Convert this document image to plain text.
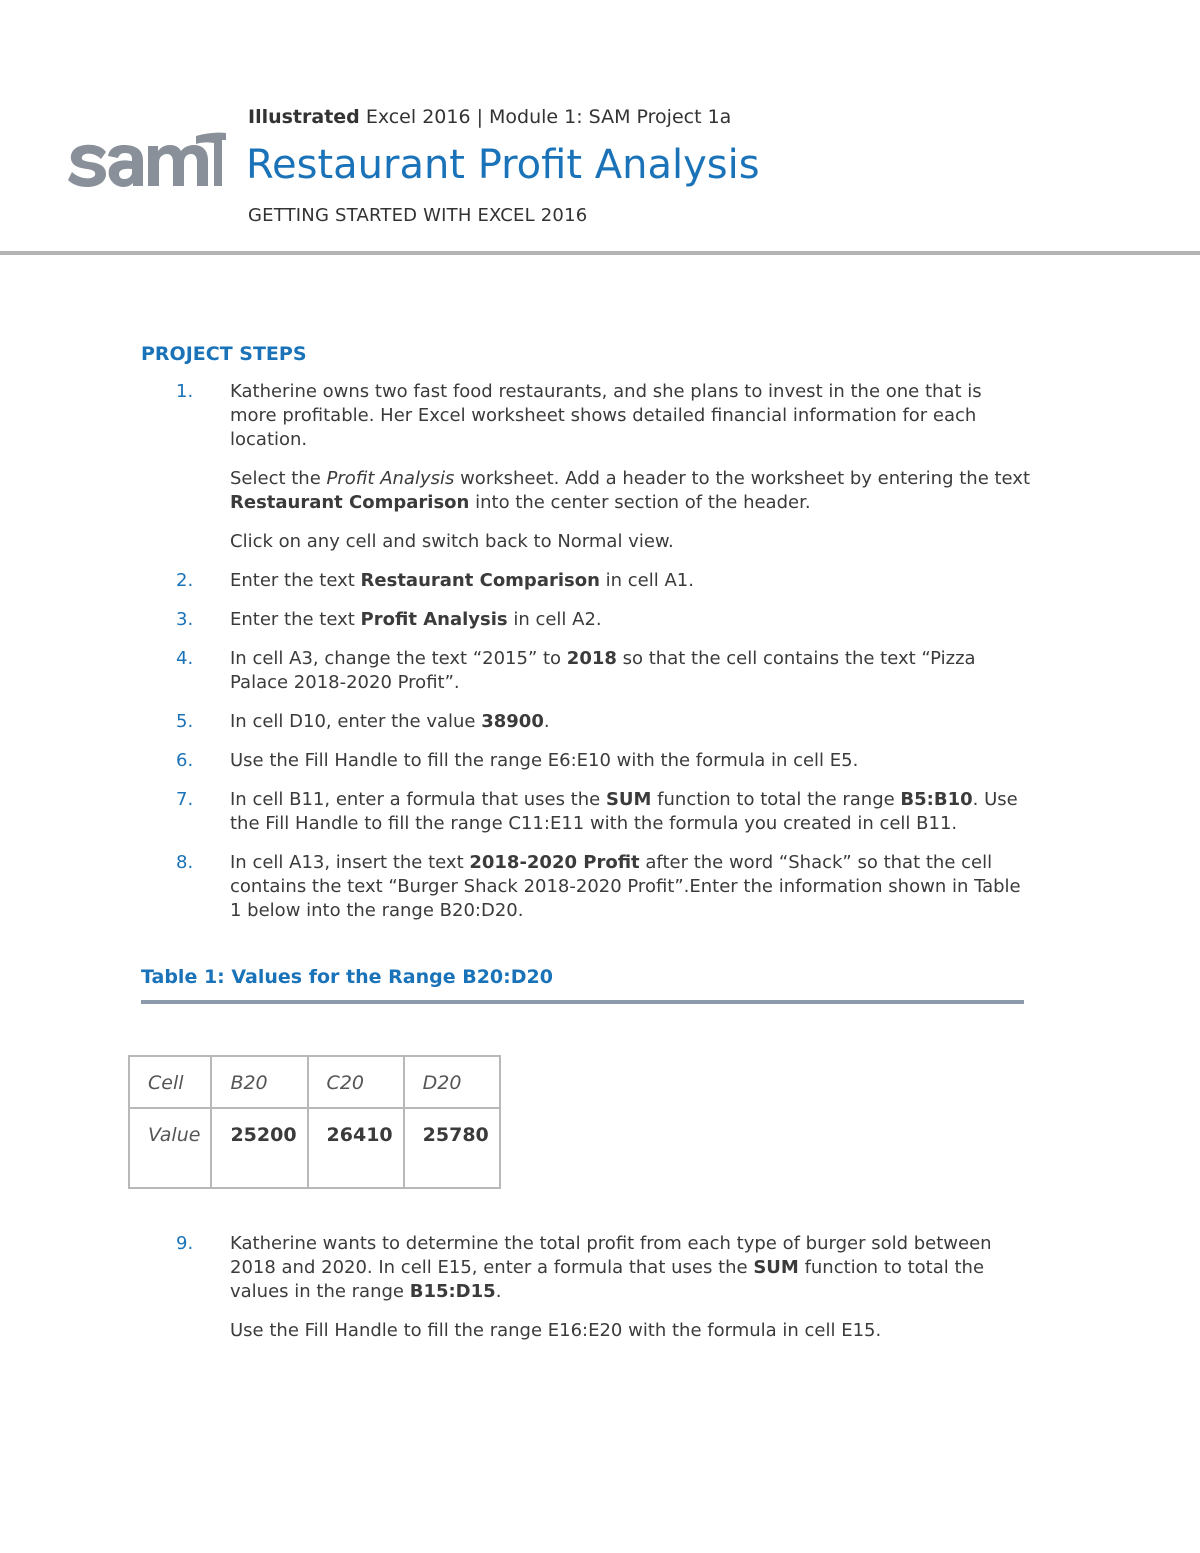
Illustrated Excel 2016 | Module 1: SAM Project 1a
Restaurant Profit Analysis
GETTING STARTED WITH EXCEL 2016
PROJECT STEPS
1. Katherine owns two fast food restaurants, and she plans to invest in the one that is more profitable. Her Excel worksheet shows detailed financial information for each location.

Select the Profit Analysis worksheet. Add a header to the worksheet by entering the text Restaurant Comparison into the center section of the header.

Click on any cell and switch back to Normal view.

2. Enter the text Restaurant Comparison in cell A1.

3. Enter the text Profit Analysis in cell A2.

4. In cell A3, change the text “2015” to 2018 so that the cell contains the text “Pizza Palace 2018-2020 Profit”.

5. In cell D10, enter the value 38900.

6. Use the Fill Handle to fill the range E6:E10 with the formula in cell E5.

7. In cell B11, enter a formula that uses the SUM function to total the range B5:B10. Use the Fill Handle to fill the range C11:E11 with the formula you created in cell B11.

8. In cell A13, insert the text 2018-2020 Profit after the word “Shack” so that the cell contains the text “Burger Shack 2018-2020 Profit”.Enter the information shown in Table 1 below into the range B20:D20.

Table 1: Values for the Range B20:D20
Cell	B20	C20	D20
Value	25200	26410	25780
9. Katherine wants to determine the total profit from each type of burger sold between 2018 and 2020. In cell E15, enter a formula that uses the SUM function to total the values in the range B15:D15.

Use the Fill Handle to fill the range E16:E20 with the formula in cell E15.
